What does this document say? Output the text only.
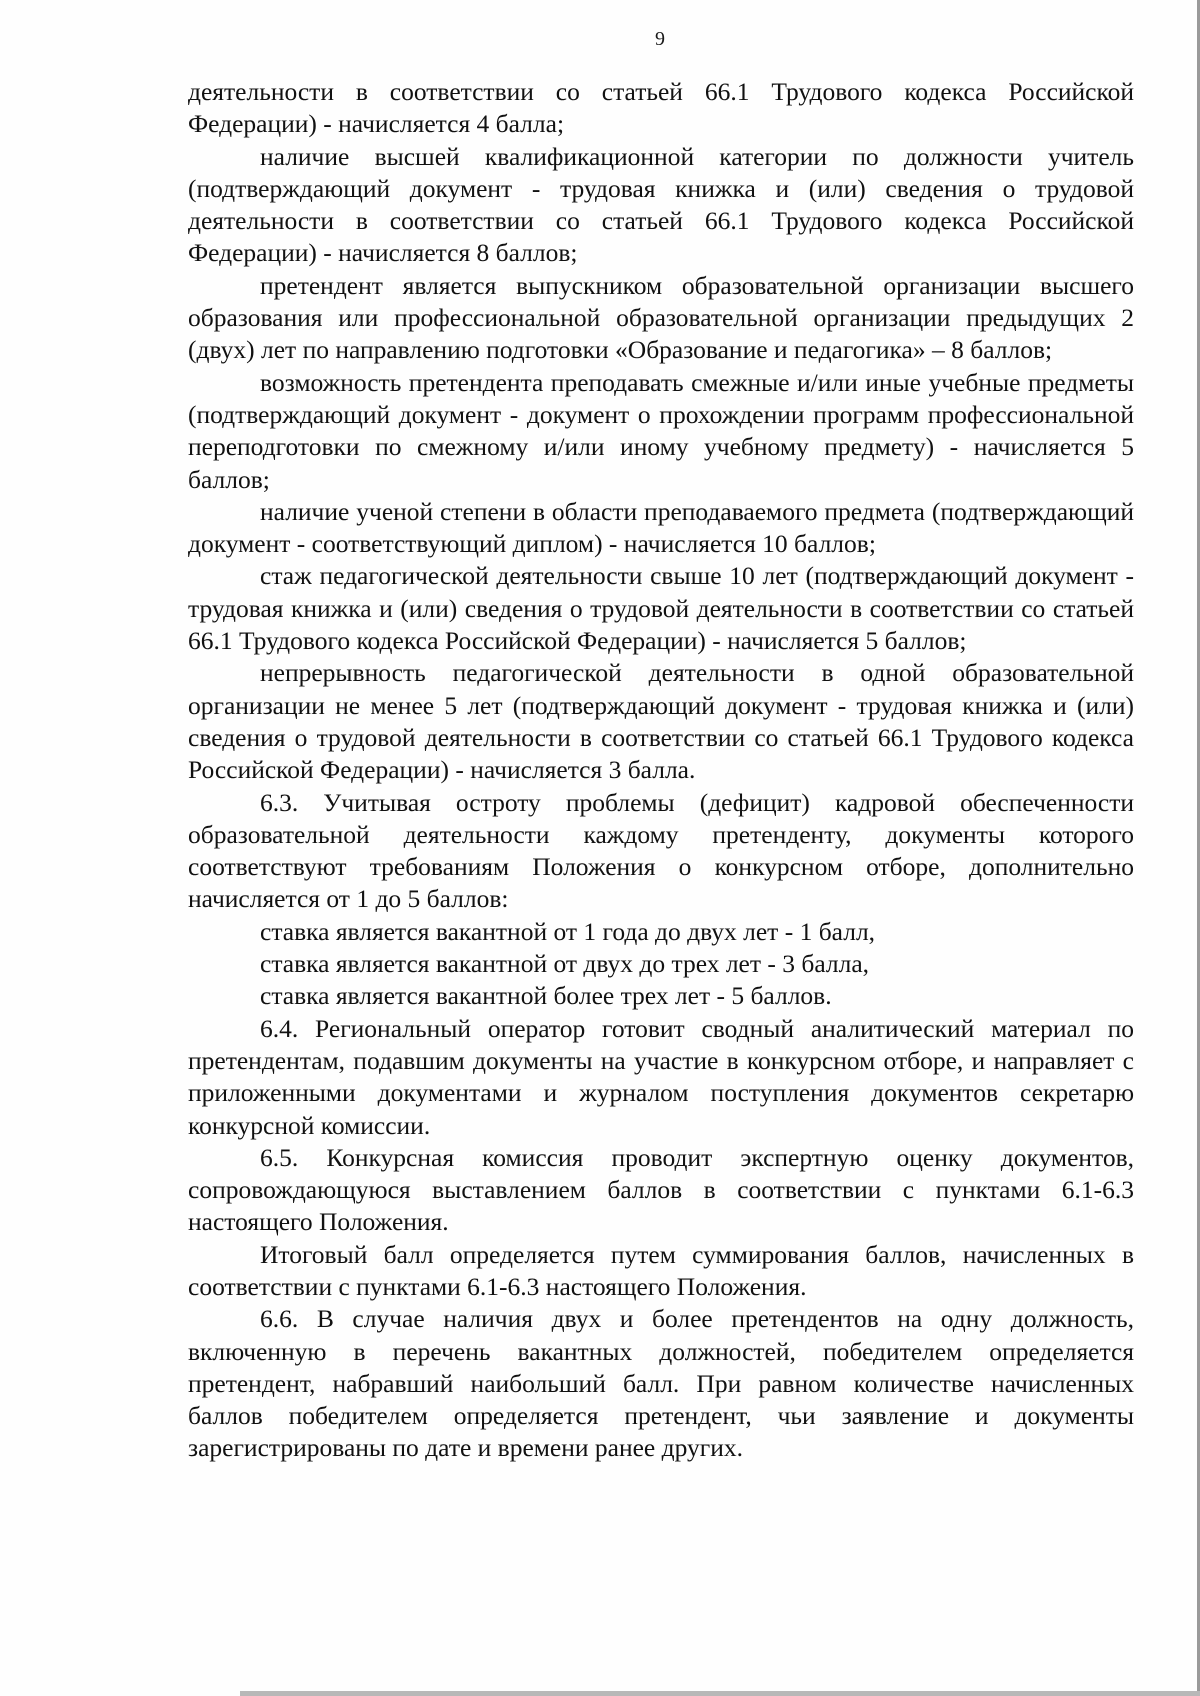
9

деятельности в соответствии со статьей 66.1 Трудового кодекса Российской Федерации) - начисляется 4 балла;

наличие высшей квалификационной категории по должности учитель (подтверждающий документ - трудовая книжка и (или) сведения о трудовой деятельности в соответствии со статьей 66.1 Трудового кодекса Российской Федерации) - начисляется 8 баллов;

претендент является выпускником образовательной организации высшего образования или профессиональной образовательной организации предыдущих 2 (двух) лет по направлению подготовки «Образование и педагогика» – 8 баллов;

возможность претендента преподавать смежные и/или иные учебные предметы (подтверждающий документ - документ о прохождении программ профессиональной переподготовки по смежному и/или иному учебному предмету) - начисляется 5 баллов;

наличие ученой степени в области преподаваемого предмета (подтверждающий документ - соответствующий диплом) - начисляется 10 баллов;

стаж педагогической деятельности свыше 10 лет (подтверждающий документ - трудовая книжка и (или) сведения о трудовой деятельности в соответствии со статьей 66.1 Трудового кодекса Российской Федерации) - начисляется 5 баллов;

непрерывность педагогической деятельности в одной образовательной организации не менее 5 лет (подтверждающий документ - трудовая книжка и (или) сведения о трудовой деятельности в соответствии со статьей 66.1 Трудового кодекса Российской Федерации) - начисляется 3 балла.

6.3. Учитывая остроту проблемы (дефицит) кадровой обеспеченности образовательной деятельности каждому претенденту, документы которого соответствуют требованиям Положения о конкурсном отборе, дополнительно начисляется от 1 до 5 баллов:

ставка является вакантной от 1 года до двух лет - 1 балл,

ставка является вакантной от двух до трех лет - 3 балла,

ставка является вакантной более трех лет - 5 баллов.

6.4. Региональный оператор готовит сводный аналитический материал по претендентам, подавшим документы на участие в конкурсном отборе, и направляет с приложенными документами и журналом поступления документов секретарю конкурсной комиссии.

6.5. Конкурсная комиссия проводит экспертную оценку документов, сопровождающуюся выставлением баллов в соответствии с пунктами 6.1-6.3 настоящего Положения.

Итоговый балл определяется путем суммирования баллов, начисленных в соответствии с пунктами 6.1-6.3 настоящего Положения.

6.6. В случае наличия двух и более претендентов на одну должность, включенную в перечень вакантных должностей, победителем определяется претендент, набравший наибольший балл. При равном количестве начисленных баллов победителем определяется претендент, чьи заявление и документы зарегистрированы по дате и времени ранее других.
